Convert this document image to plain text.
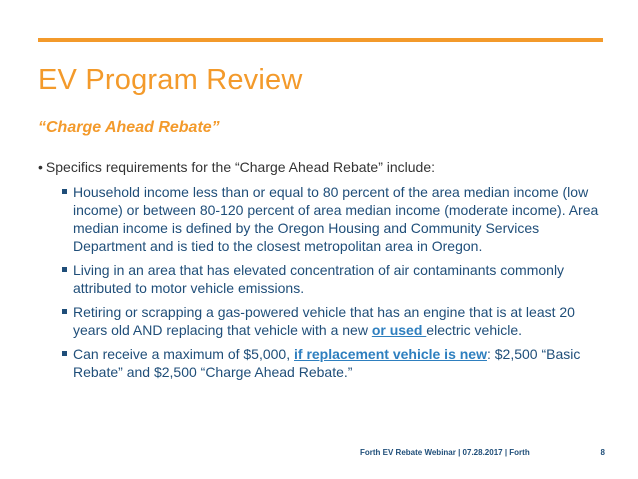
EV Program Review
“Charge Ahead Rebate”
• Specifics requirements for the “Charge Ahead Rebate” include:
Household income less than or equal to 80 percent of the area median income (low income) or between 80-120 percent of area median income (moderate income). Area median income is defined by the Oregon Housing and Community Services Department and is tied to the closest metropolitan area in Oregon.
Living in an area that has elevated concentration of air contaminants commonly attributed to motor vehicle emissions.
Retiring or scrapping a gas-powered vehicle that has an engine that is at least 20 years old AND replacing that vehicle with a new or used electric vehicle.
Can receive a maximum of $5,000, if replacement vehicle is new: $2,500 “Basic Rebate” and $2,500 “Charge Ahead Rebate.”
Forth EV Rebate Webinar | 07.28.2017 | Forth	8
